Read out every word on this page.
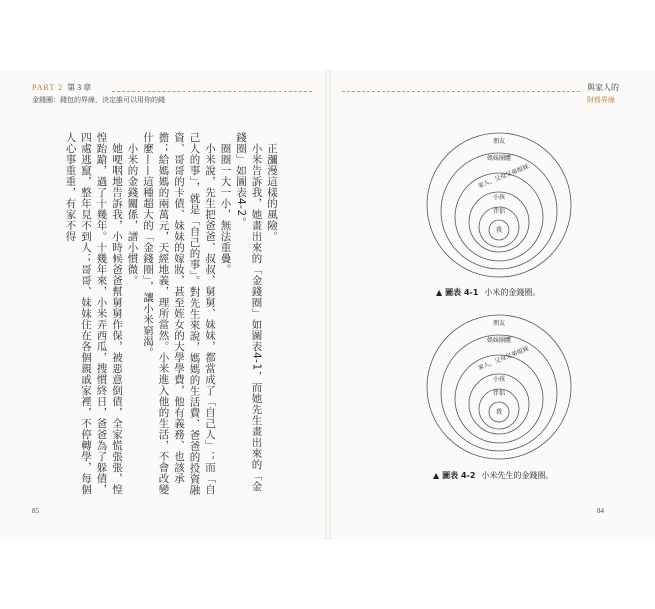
PART 2 第 3 章
金錢圈：錢包的界線，決定誰可以用你的錢
與家人的
財務界線

正瀰漫這樣的風險。

小米告訴我，她畫出來的「金錢圈」如圖表4-1，而她先生畫出來的「金錢圈」如圖表4-2。

圈圈一大一小，無法重疊。

小米說，先生把爸爸、叔叔、舅舅、妹妹，都當成了「自己人」；而「自己人的事」，就是「自己的事」。對先生來說，媽媽的生活費、爸爸的投資融資、哥哥的卡債、妹妹的嫁妝，甚至姪女的大學學費，他有義務、也該承擔；給媽媽的兩萬元，天經地義，理所當然。小米進入他的生活，不會改變什麼——這種超大的「金錢圈」，讓小米窮渴。

小米的金錢關係，譜小慣微。

她哽咽地告訴我，小時候爸爸幫舅舅作保，被惡意倒債，全家慌張張，惶惶跆蹌，過了十幾年。十幾年來，小米弄西瓜，搜慣終日，爸爸為了躲債，四處逃竄，整年見不到人；哥哥、妹妹住在各個親戚家裡，不停轉學，每個人心事重重，有家不得	朋友
姐妹團體
家人、父母兄弟姐妹
小孩
伴侶
我
▲ 圖表 4-1 小米的金錢圈。
朋友
姐妹團體
家人、父母兄弟姐妹
小孩
伴侶
我
▲ 圖表 4-2 小米先生的金錢圈。
85	84
